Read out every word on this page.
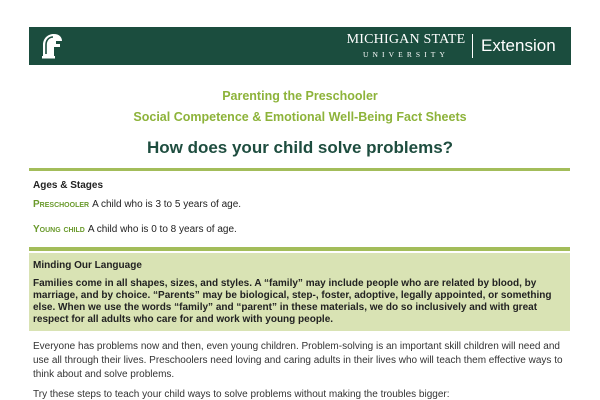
MICHIGAN STATE
UNIVERSITY	Extension
Parenting the Preschooler
Social Competence & Emotional Well-Being Fact Sheets
How does your child solve problems?
Ages & Stages
Preschooler A child who is 3 to 5 years of age.
Young child A child who is 0 to 8 years of age.
Minding Our Language
Families come in all shapes, sizes, and styles. A “family” may include people who are related by blood, by marriage, and by choice. “Parents” may be biological, step-, foster, adoptive, legally appointed, or something else. When we use the words “family” and “parent” in these materials, we do so inclusively and with great respect for all adults who care for and work with young people.
Everyone has problems now and then, even young children. Problem-solving is an important skill children will need and use all through their lives. Preschoolers need loving and caring adults in their lives who will teach them effective ways to think about and solve problems.
Try these steps to teach your child ways to solve problems without making the troubles bigger:
